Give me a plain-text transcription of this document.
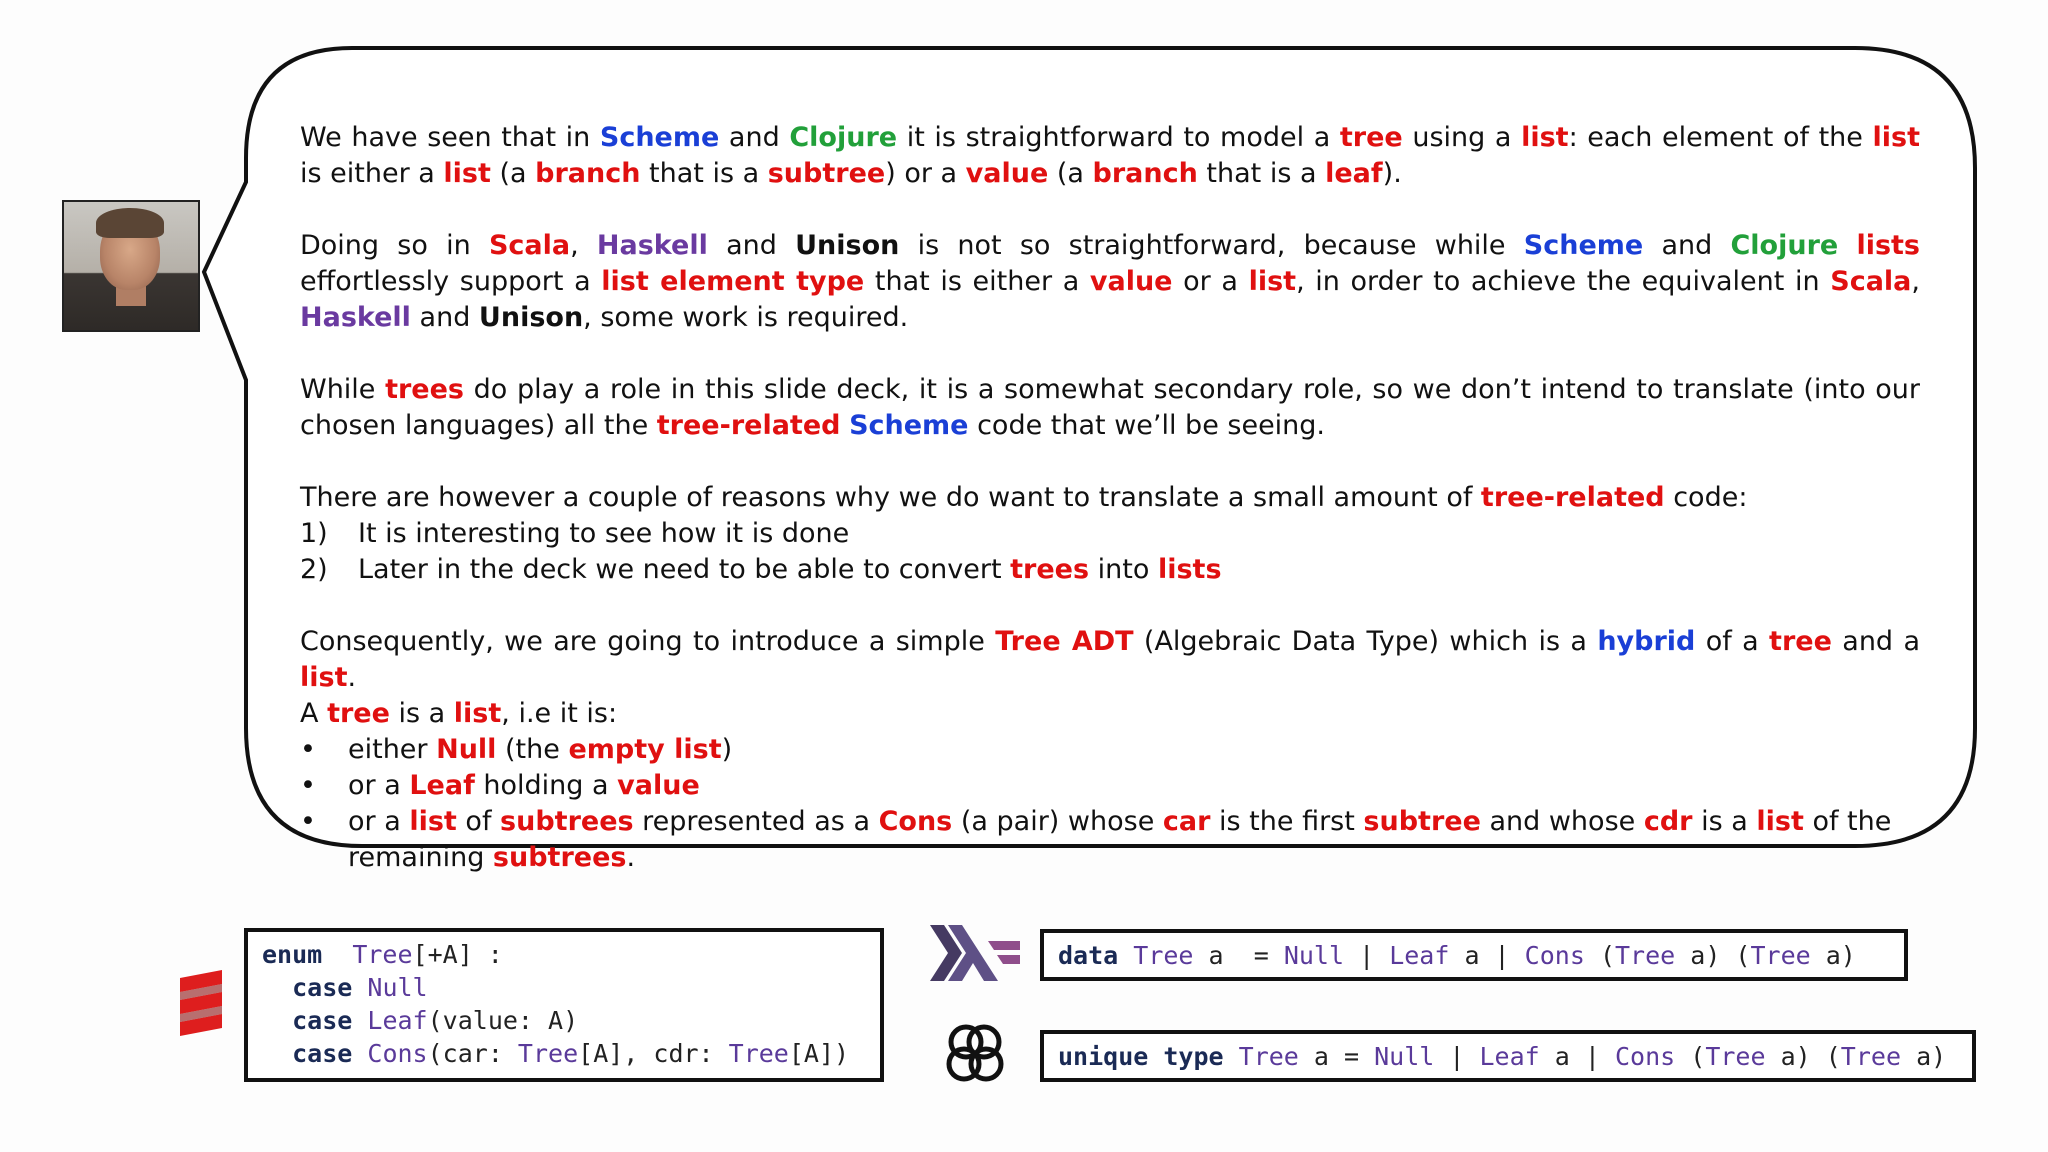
We have seen that in Scheme and Clojure it is straightforward to model a tree using a list: each element of the list is either a list (a branch that is a subtree) or a value (a branch that is a leaf).

Doing so in Scala, Haskell and Unison is not so straightforward, because while Scheme and Clojure lists effortlessly support a list element type that is either a value or a list, in order to achieve the equivalent in Scala, Haskell and Unison, some work is required.

While trees do play a role in this slide deck, it is a somewhat secondary role, so we don’t intend to translate (into our chosen languages) all the tree-related Scheme code that we’ll be seeing.

There are however a couple of reasons why we do want to translate a small amount of tree-related code:

1)	It is interesting to see how it is done
2)	Later in the deck we need to be able to convert trees into lists

Consequently, we are going to introduce a simple Tree ADT (Algebraic Data Type) which is a hybrid of a tree and a list.

A tree is a list, i.e it is:

•	either Null (the empty list)
•	or a Leaf holding a value
•	or a list of subtrees represented as a Cons (a pair) whose car is the first subtree and whose cdr is a list of the remaining subtrees.
enum Tree[+A] :
case Null
case Leaf(value: A)
case Cons(car: Tree[A], cdr: Tree[A])
data Tree a  = Null | Leaf a | Cons (Tree a) (Tree a)
unique type Tree a = Null | Leaf a | Cons (Tree a) (Tree a)
